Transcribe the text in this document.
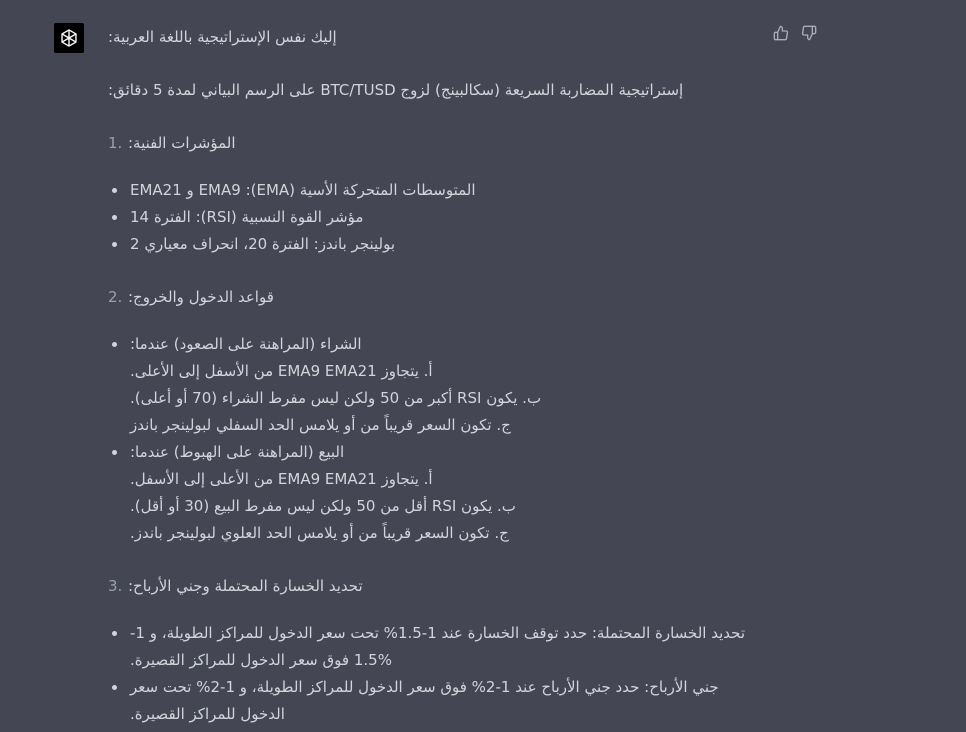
إليك نفس الإستراتيجية باللغة العربية:
إستراتيجية المضاربة السريعة (سكالبينج) لزوج BTC/TUSD على الرسم البياني لمدة 5 دقائق:
1. المؤشرات الفنية:
المتوسطات المتحركة الأسية (EMA): EMA9 و EMA21
مؤشر القوة النسبية (RSI): الفترة 14
بولينجر باندز: الفترة 20، انحراف معياري 2
2. قواعد الدخول والخروج:
الشراء (المراهنة على الصعود) عندما:
أ. يتجاوز EMA9 EMA21 من الأسفل إلى الأعلى.
ب. يكون RSI أكبر من 50 ولكن ليس مفرط الشراء (70 أو أعلى).
ج. تكون السعر قريباً من أو يلامس الحد السفلي لبولينجر باندز
البيع (المراهنة على الهبوط) عندما:
أ. يتجاوز EMA9 EMA21 من الأعلى إلى الأسفل.
ب. يكون RSI أقل من 50 ولكن ليس مفرط البيع (30 أو أقل).
ج. تكون السعر قريباً من أو يلامس الحد العلوي لبولينجر باندز.
3. تحديد الخسارة المحتملة وجني الأرباح:
تحديد الخسارة المحتملة: حدد توقف الخسارة عند 1-1.5% تحت سعر الدخول للمراكز الطويلة، و 1-
1.5% فوق سعر الدخول للمراكز القصيرة.
جني الأرباح: حدد جني الأرباح عند 1-2% فوق سعر الدخول للمراكز الطويلة، و 1-2% تحت سعر
الدخول للمراكز القصيرة.
